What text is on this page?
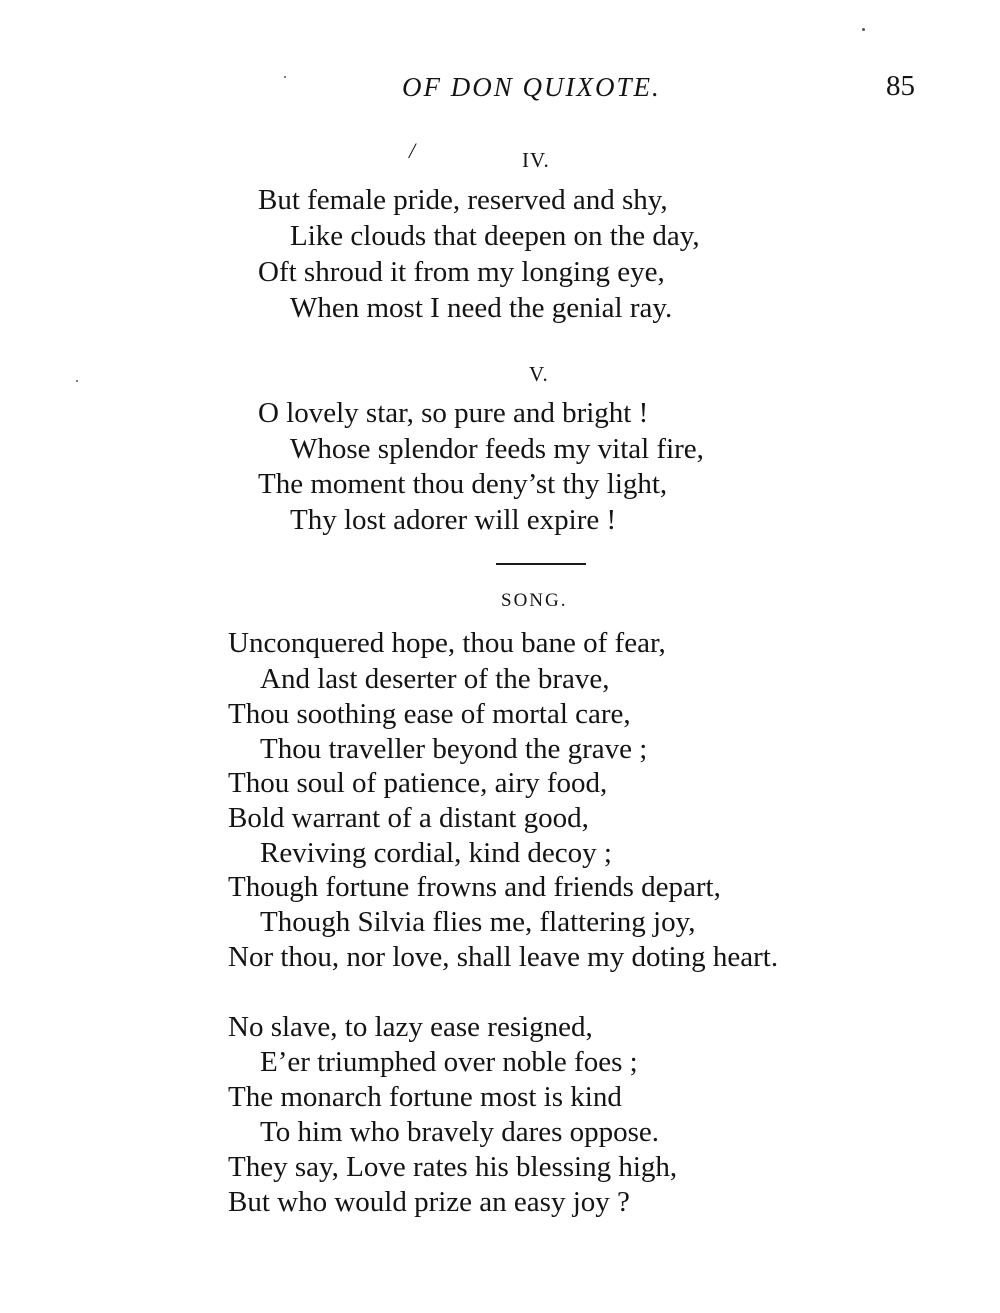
OF DON QUIXOTE.	85
/	IV.
But female pride, reserved and shy,
Like clouds that deepen on the day,
Oft shroud it from my longing eye,
When most I need the genial ray.
V.
O lovely star, so pure and bright !
Whose splendor feeds my vital fire,
The moment thou deny’st thy light,
Thy lost adorer will expire !
SONG.
Unconquered hope, thou bane of fear,
And last deserter of the brave,
Thou soothing ease of mortal care,
Thou traveller beyond the grave ;
Thou soul of patience, airy food,
Bold warrant of a distant good,
Reviving cordial, kind decoy ;
Though fortune frowns and friends depart,
Though Silvia flies me, flattering joy,
Nor thou, nor love, shall leave my doting heart.
No slave, to lazy ease resigned,
E’er triumphed over noble foes ;
The monarch fortune most is kind
To him who bravely dares oppose.
They say, Love rates his blessing high,
But who would prize an easy joy ?
